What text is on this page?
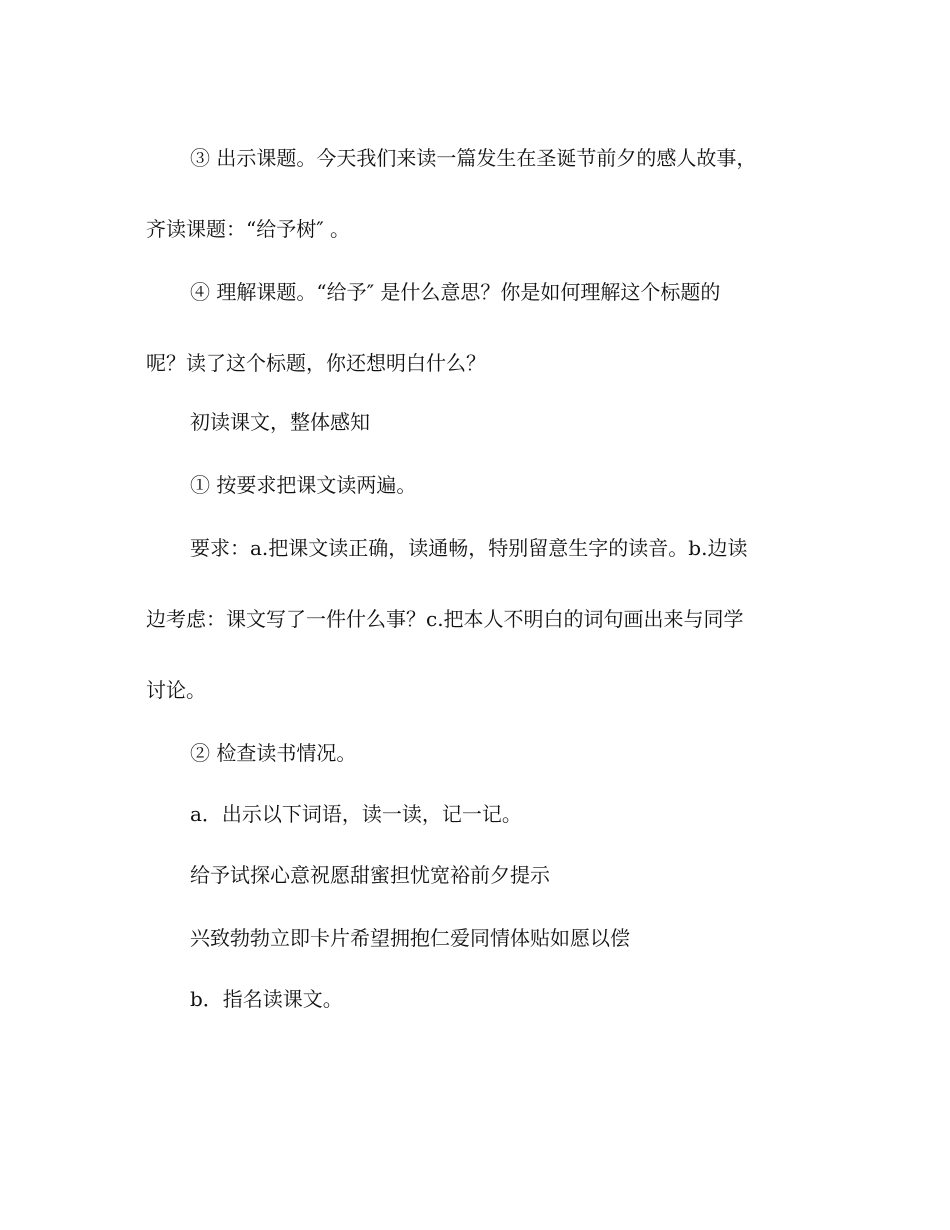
③ 出示课题。今天我们来读一篇发生在圣诞节前夕的感人故事，
齐读课题：“给予树″ 。
④ 理解课题。“给予″ 是什么意思？你是如何理解这个标题的
呢？读了这个标题，你还想明白什么？
初读课文，整体感知
① 按要求把课文读两遍。
要求：a.把课文读正确，读通畅，特别留意生字的读音。b.边读
边考虑：课文写了一件什么事？c.把本人不明白的词句画出来与同学
讨论。
② 检查读书情况。
a．出示以下词语，读一读，记一记。
给予试探心意祝愿甜蜜担忧宽裕前夕提示
兴致勃勃立即卡片希望拥抱仁爱同情体贴如愿以偿
b．指名读课文。
